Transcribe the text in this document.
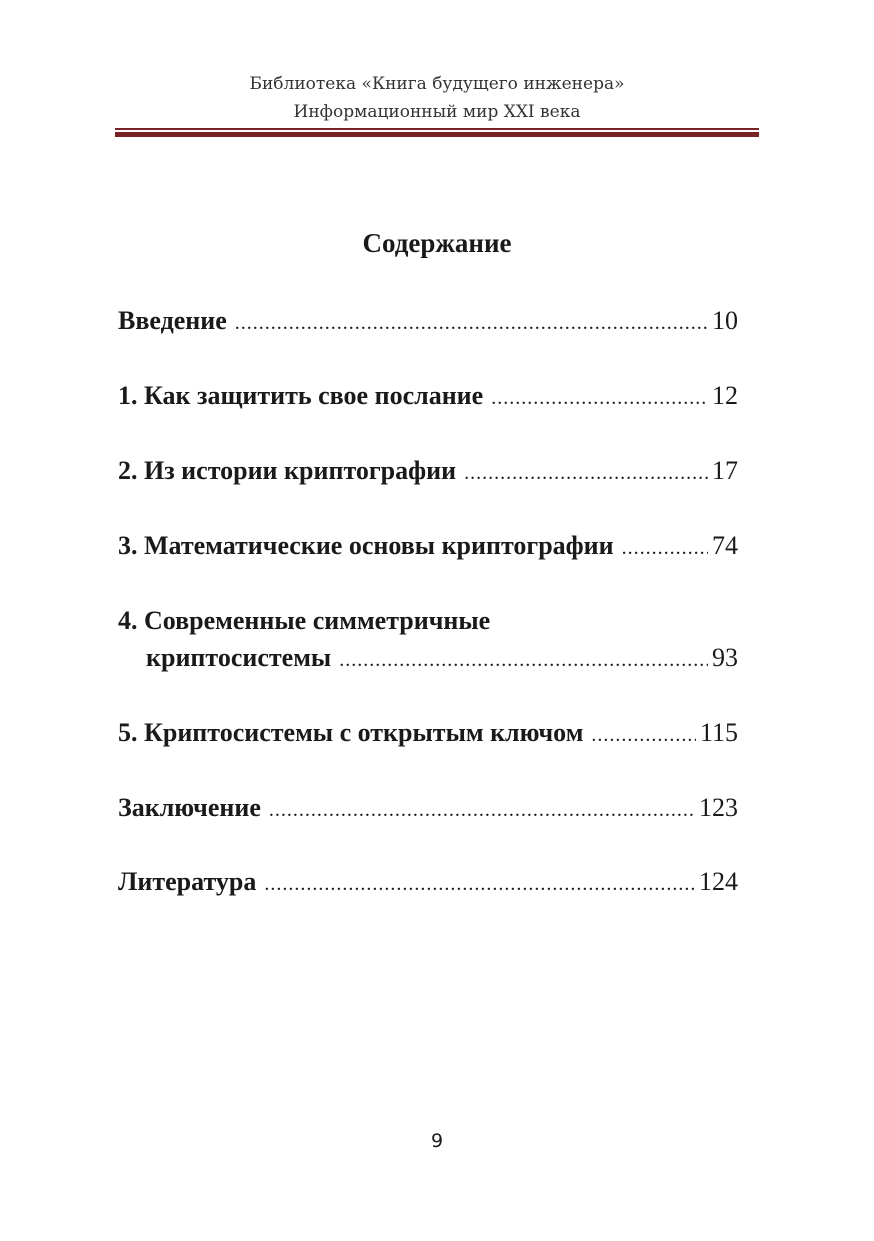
Библиотека «Книга будущего инженера»
Информационный мир XXI века
Содержание
Введение .....	10
1. Как защитить свое послание .....	12
2. Из истории криптографии .....	17
3. Математические основы криптографии .....	74
4. Современные симметричные
криптосистемы .....	93
5. Криптосистемы с открытым ключом .....	115
Заключение .....	123
Литература .....	124
9
